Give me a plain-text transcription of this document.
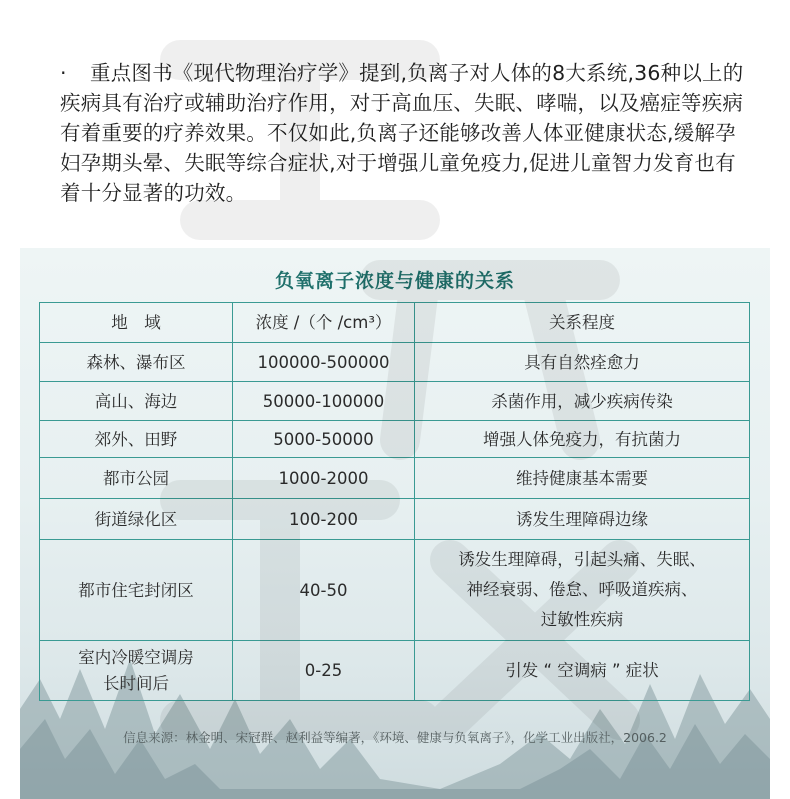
· 重点图书《现代物理治疗学》提到,负离子对人体的8大系统,36种以上的疾病具有治疗或辅助治疗作用，对于高血压、失眠、哮喘，以及癌症等疾病有着重要的疗养效果。不仅如此,负离子还能够改善人体亚健康状态,缓解孕妇孕期头晕、失眠等综合症状,对于增强儿童免疫力,促进儿童智力发育也有着十分显著的功效。

负氧离子浓度与健康的关系
地　域	浓度 /（个 /cm³）	关系程度
森林、瀑布区	100000-500000	具有自然痊愈力
高山、海边	50000-100000	杀菌作用，减少疾病传染
郊外、田野	5000-50000	增强人体免疫力，有抗菌力
都市公园	1000-2000	维持健康基本需要
街道绿化区	100-200	诱发生理障碍边缘
都市住宅封闭区	40-50	诱发生理障碍，引起头痛、失眠、
神经衰弱、倦怠、呼吸道疾病、
过敏性疾病
室内冷暖空调房
长时间后	0-25	引发 “ 空调病 ” 症状
信息来源：林金明、宋冠群、赵利益等编著，《环境、健康与负氧离子》，化学工业出版社，2006.2
